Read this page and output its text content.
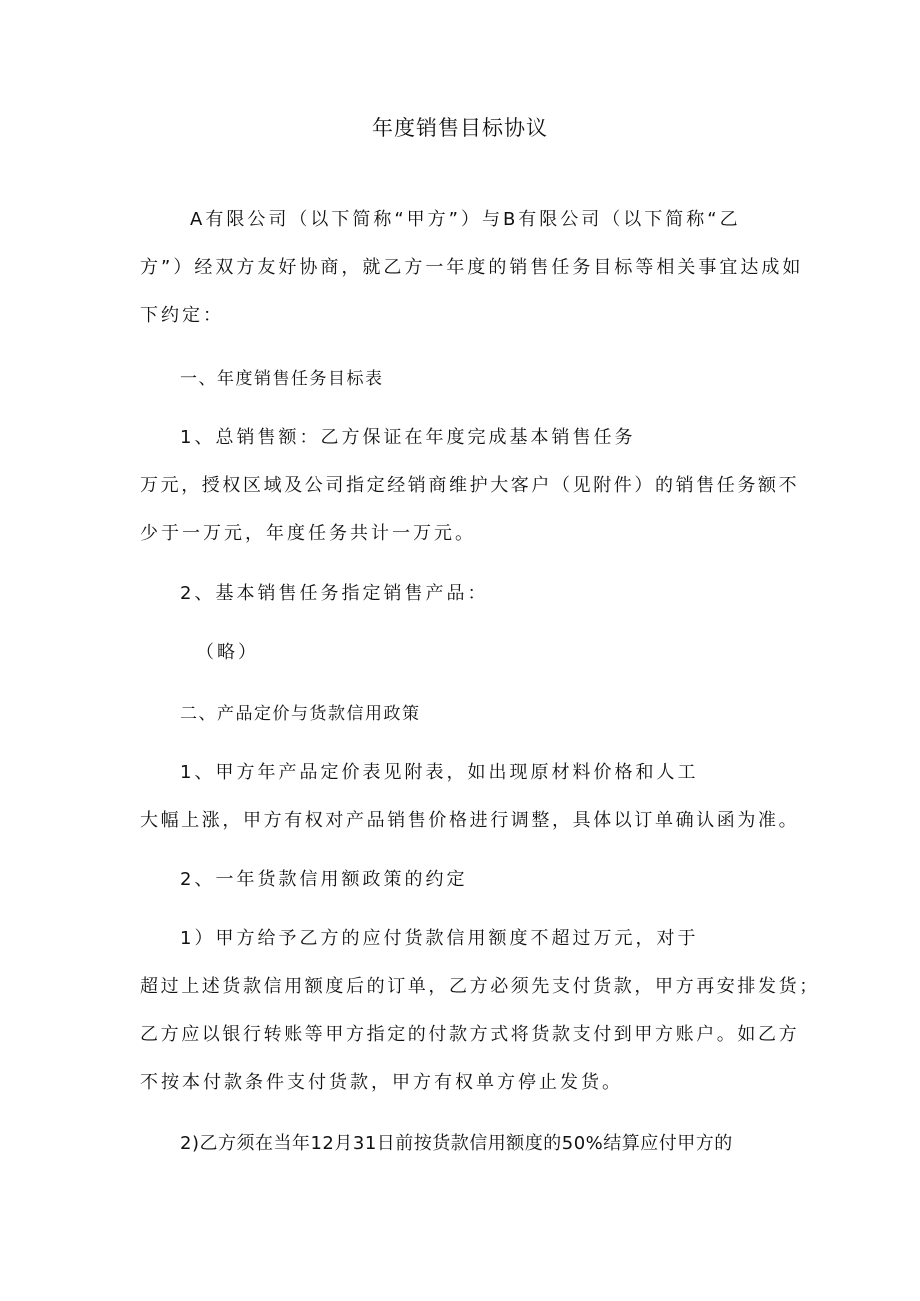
年度销售目标协议
A有限公司（以下简称“甲方”）与B有限公司（以下简称“乙
方”）经双方友好协商，就乙方一年度的销售任务目标等相关事宜达成如
下约定：
一、年度销售任务目标表
1、总销售额：乙方保证在年度完成基本销售任务
万元，授权区域及公司指定经销商维护大客户（见附件）的销售任务额不
少于一万元，年度任务共计一万元。
2、基本销售任务指定销售产品：
（略）
二、产品定价与货款信用政策
1、甲方年产品定价表见附表，如出现原材料价格和人工
大幅上涨，甲方有权对产品销售价格进行调整，具体以订单确认函为准。
2、一年货款信用额政策的约定
1）甲方给予乙方的应付货款信用额度不超过万元，对于
超过上述货款信用额度后的订单，乙方必须先支付货款，甲方再安排发货；
乙方应以银行转账等甲方指定的付款方式将货款支付到甲方账户。如乙方
不按本付款条件支付货款，甲方有权单方停止发货。
2)乙方须在当年12月31日前按货款信用额度的50%结算应付甲方的
